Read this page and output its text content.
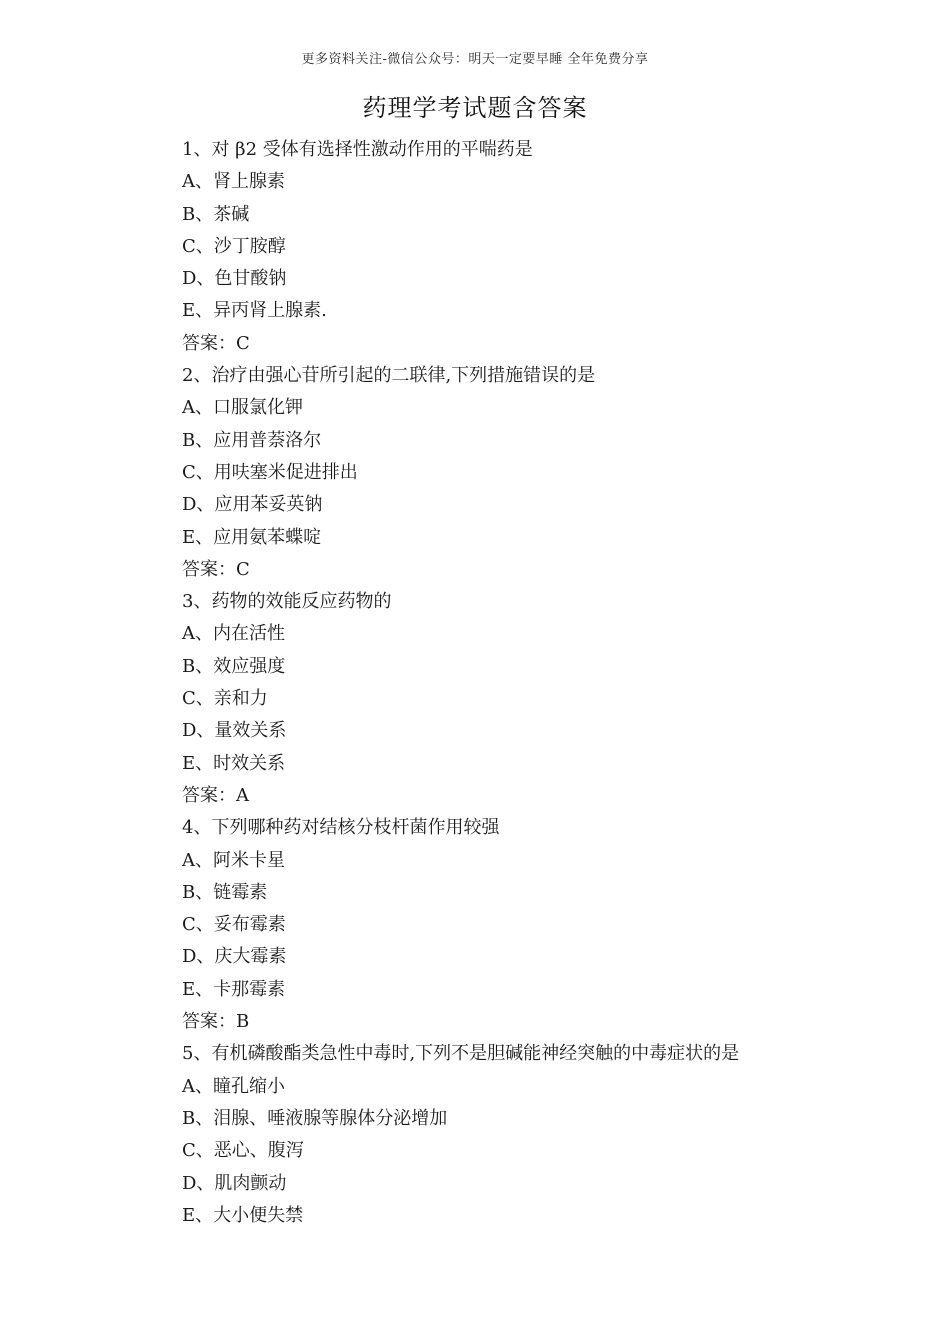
更多资料关注-微信公众号：明天一定要早睡 全年免费分享
药理学考试题含答案
1、对 β2 受体有选择性激动作用的平喘药是
A、肾上腺素
B、茶碱
C、沙丁胺醇
D、色甘酸钠
E、异丙肾上腺素.
答案：C
2、治疗由强心苷所引起的二联律,下列措施错误的是
A、口服氯化钾
B、应用普萘洛尔
C、用呋塞米促进排出
D、应用苯妥英钠
E、应用氨苯蝶啶
答案：C
3、药物的效能反应药物的
A、内在活性
B、效应强度
C、亲和力
D、量效关系
E、时效关系
答案：A
4、下列哪种药对结核分枝杆菌作用较强
A、阿米卡星
B、链霉素
C、妥布霉素
D、庆大霉素
E、卡那霉素
答案：B
5、有机磷酸酯类急性中毒时,下列不是胆碱能神经突触的中毒症状的是
A、瞳孔缩小
B、泪腺、唾液腺等腺体分泌增加
C、恶心、腹泻
D、肌肉颤动
E、大小便失禁
